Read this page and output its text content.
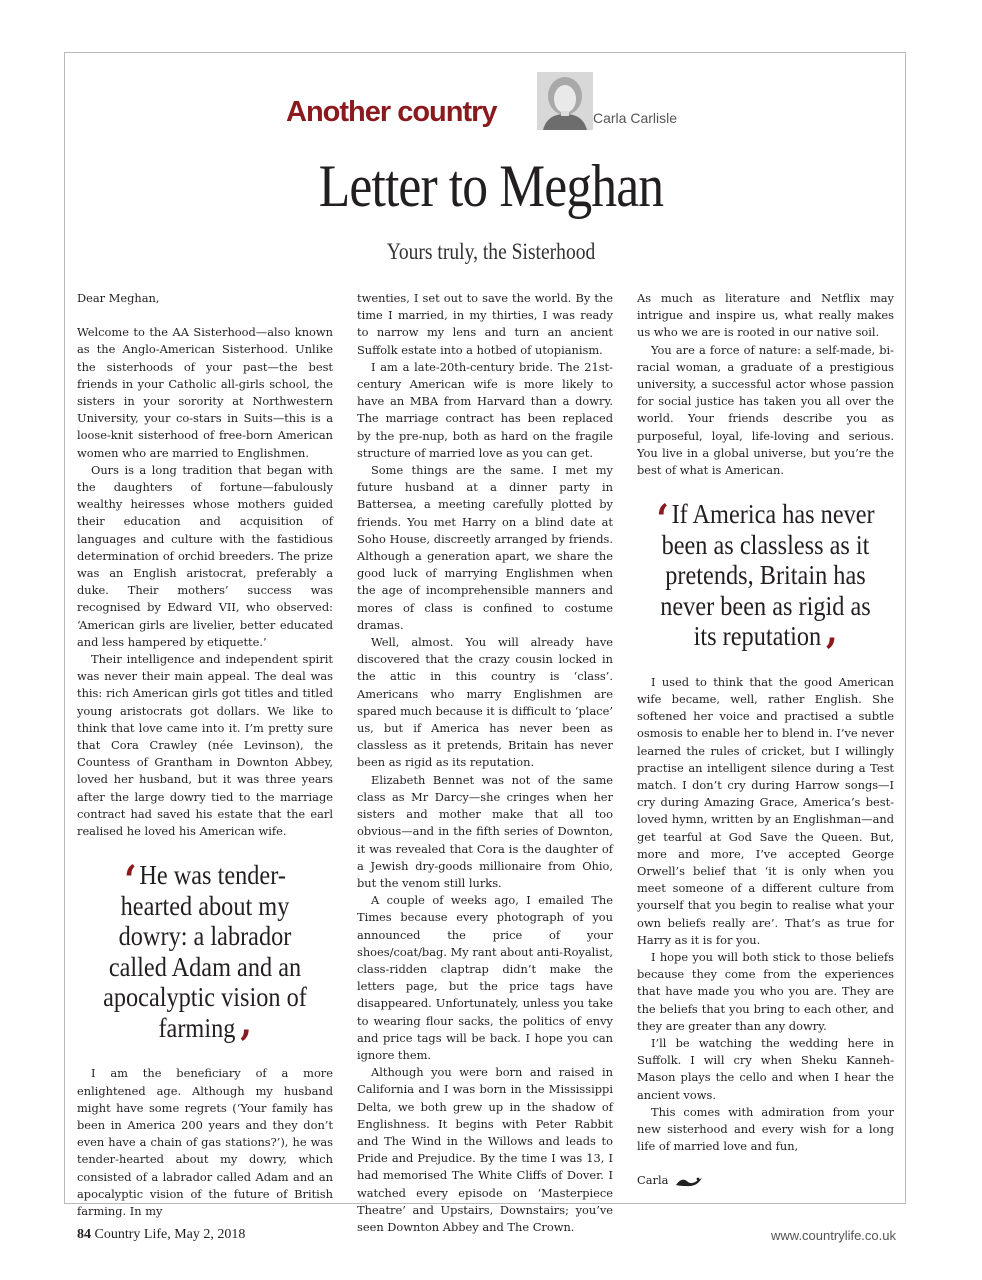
Another country	Carla Carlisle
Letter to Meghan
Yours truly, the Sisterhood

Dear Meghan,

Welcome to the AA Sisterhood—also known as the Anglo-American Sisterhood. Unlike the sisterhoods of your past—the best friends in your Catholic all-girls school, the sisters in your sorority at Northwestern University, your co-stars in Suits—this is a loose-knit sisterhood of free-born American women who are married to Englishmen.

Ours is a long tradition that began with the daughters of fortune—fabulously wealthy heiresses whose mothers guided their education and acquisition of languages and culture with the fastidious determination of orchid breeders. The prize was an English aristocrat, preferably a duke. Their mothers’ success was recognised by Edward VII, who observed: ‘American girls are livelier, better educated and less hampered by etiquette.’

Their intelligence and independent spirit was never their main appeal. The deal was this: rich American girls got titles and titled young aristocrats got dollars. We like to think that love came into it. I’m pretty sure that Cora Crawley (née Levinson), the Countess of Grantham in Downton Abbey, loved her husband, but it was three years after the large dowry tied to the marriage contract had saved his estate that the earl realised he loved his American wife.

‘He was tender-hearted about my dowry: a labrador called Adam and an apocalyptic vision of farming’

I am the beneficiary of a more enlightened age. Although my husband might have some regrets (‘Your family has been in America 200 years and they don’t even have a chain of gas stations?’), he was tender-hearted about my dowry, which consisted of a labrador called Adam and an apocalyptic vision of the future of British farming. In my

twenties, I set out to save the world. By the time I married, in my thirties, I was ready to narrow my lens and turn an ancient Suffolk estate into a hotbed of utopianism.

I am a late-20th-century bride. The 21st-century American wife is more likely to have an MBA from Harvard than a dowry. The marriage contract has been replaced by the pre-nup, both as hard on the fragile structure of married love as you can get.

Some things are the same. I met my future husband at a dinner party in Battersea, a meeting carefully plotted by friends. You met Harry on a blind date at Soho House, discreetly arranged by friends. Although a generation apart, we share the good luck of marrying Englishmen when the age of incomprehensible manners and mores of class is confined to costume dramas.

Well, almost. You will already have discovered that the crazy cousin locked in the attic in this country is ‘class’. Americans who marry Englishmen are spared much because it is difficult to ‘place’ us, but if America has never been as classless as it pretends, Britain has never been as rigid as its reputation.

Elizabeth Bennet was not of the same class as Mr Darcy—she cringes when her sisters and mother make that all too obvious—and in the fifth series of Downton, it was revealed that Cora is the daughter of a Jewish dry-goods millionaire from Ohio, but the venom still lurks.

A couple of weeks ago, I emailed The Times because every photograph of you announced the price of your shoes/coat/bag. My rant about anti-Royalist, class-ridden claptrap didn’t make the letters page, but the price tags have disappeared. Unfortunately, unless you take to wearing flour sacks, the politics of envy and price tags will be back. I hope you can ignore them.

Although you were born and raised in California and I was born in the Mississippi Delta, we both grew up in the shadow of Englishness. It begins with Peter Rabbit and The Wind in the Willows and leads to Pride and Prejudice. By the time I was 13, I had memorised The White Cliffs of Dover. I watched every episode on ‘Masterpiece Theatre’ and Upstairs, Downstairs; you’ve seen Downton Abbey and The Crown.

As much as literature and Netflix may intrigue and inspire us, what really makes us who we are is rooted in our native soil.

You are a force of nature: a self-made, bi-racial woman, a graduate of a prestigious university, a successful actor whose passion for social justice has taken you all over the world. Your friends describe you as purposeful, loyal, life-loving and serious. You live in a global universe, but you’re the best of what is American.

‘If America has never been as classless as it pretends, Britain has never been as rigid as its reputation’

I used to think that the good American wife became, well, rather English. She softened her voice and practised a subtle osmosis to enable her to blend in. I’ve never learned the rules of cricket, but I willingly practise an intelligent silence during a Test match. I don’t cry during Harrow songs—I cry during Amazing Grace, America’s best-loved hymn, written by an Englishman—and get tearful at God Save the Queen. But, more and more, I’ve accepted George Orwell’s belief that ‘it is only when you meet someone of a different culture from yourself that you begin to realise what your own beliefs really are’. That’s as true for Harry as it is for you.

I hope you will both stick to those beliefs because they come from the experiences that have made you who you are. They are the beliefs that you bring to each other, and they are greater than any dowry.

I’ll be watching the wedding here in Suffolk. I will cry when Sheku Kanneh-Mason plays the cello and when I hear the ancient vows.

This comes with admiration from your new sisterhood and every wish for a long life of married love and fun,

Carla

84 Country Life, May 2, 2018	www.countrylife.co.uk
